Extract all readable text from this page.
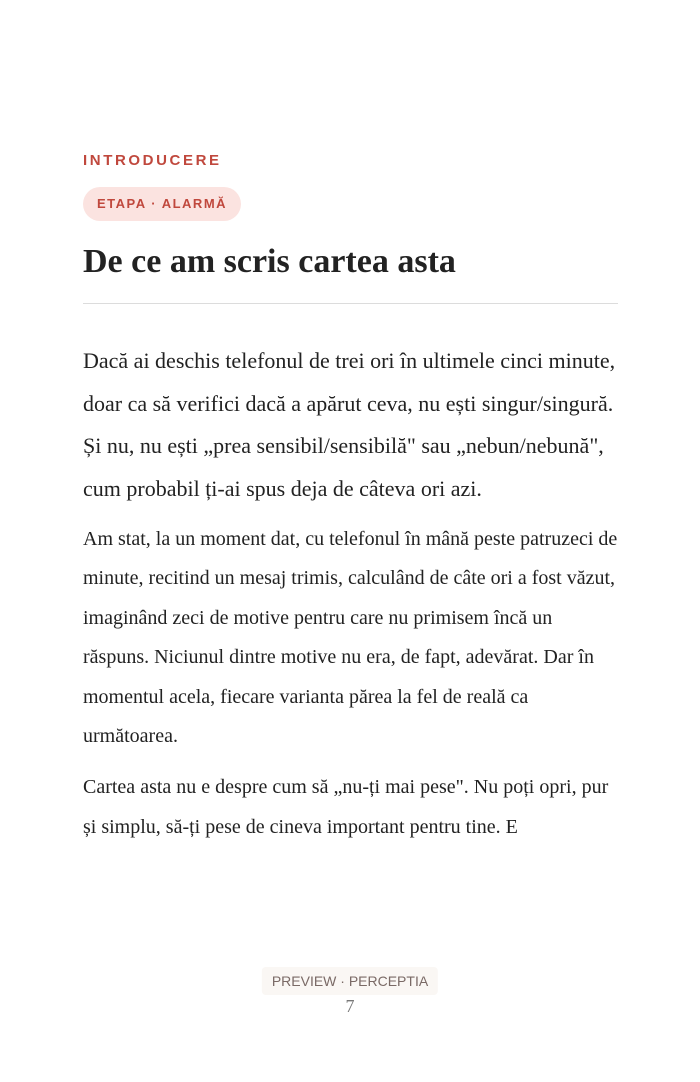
INTRODUCERE
ETAPA · ALARMĂ
De ce am scris cartea asta

Dacă ai deschis telefonul de trei ori în ultimele cinci minute, doar ca să verifici dacă a apărut ceva, nu ești singur/singură. Și nu, nu ești „prea sensibil/sensibilă" sau „nebun/nebună", cum probabil ți-ai spus deja de câteva ori azi.

Am stat, la un moment dat, cu telefonul în mână peste patruzeci de minute, recitind un mesaj trimis, calculând de câte ori a fost văzut, imaginând zeci de motive pentru care nu primisem încă un răspuns. Niciunul dintre motive nu era, de fapt, adevărat. Dar în momentul acela, fiecare varianta părea la fel de reală ca următoarea.

Cartea asta nu e despre cum să „nu-ți mai pese". Nu poți opri, pur și simplu, să-ți pese de cineva important pentru tine. E

PREVIEW · PERCEPTIA
7
